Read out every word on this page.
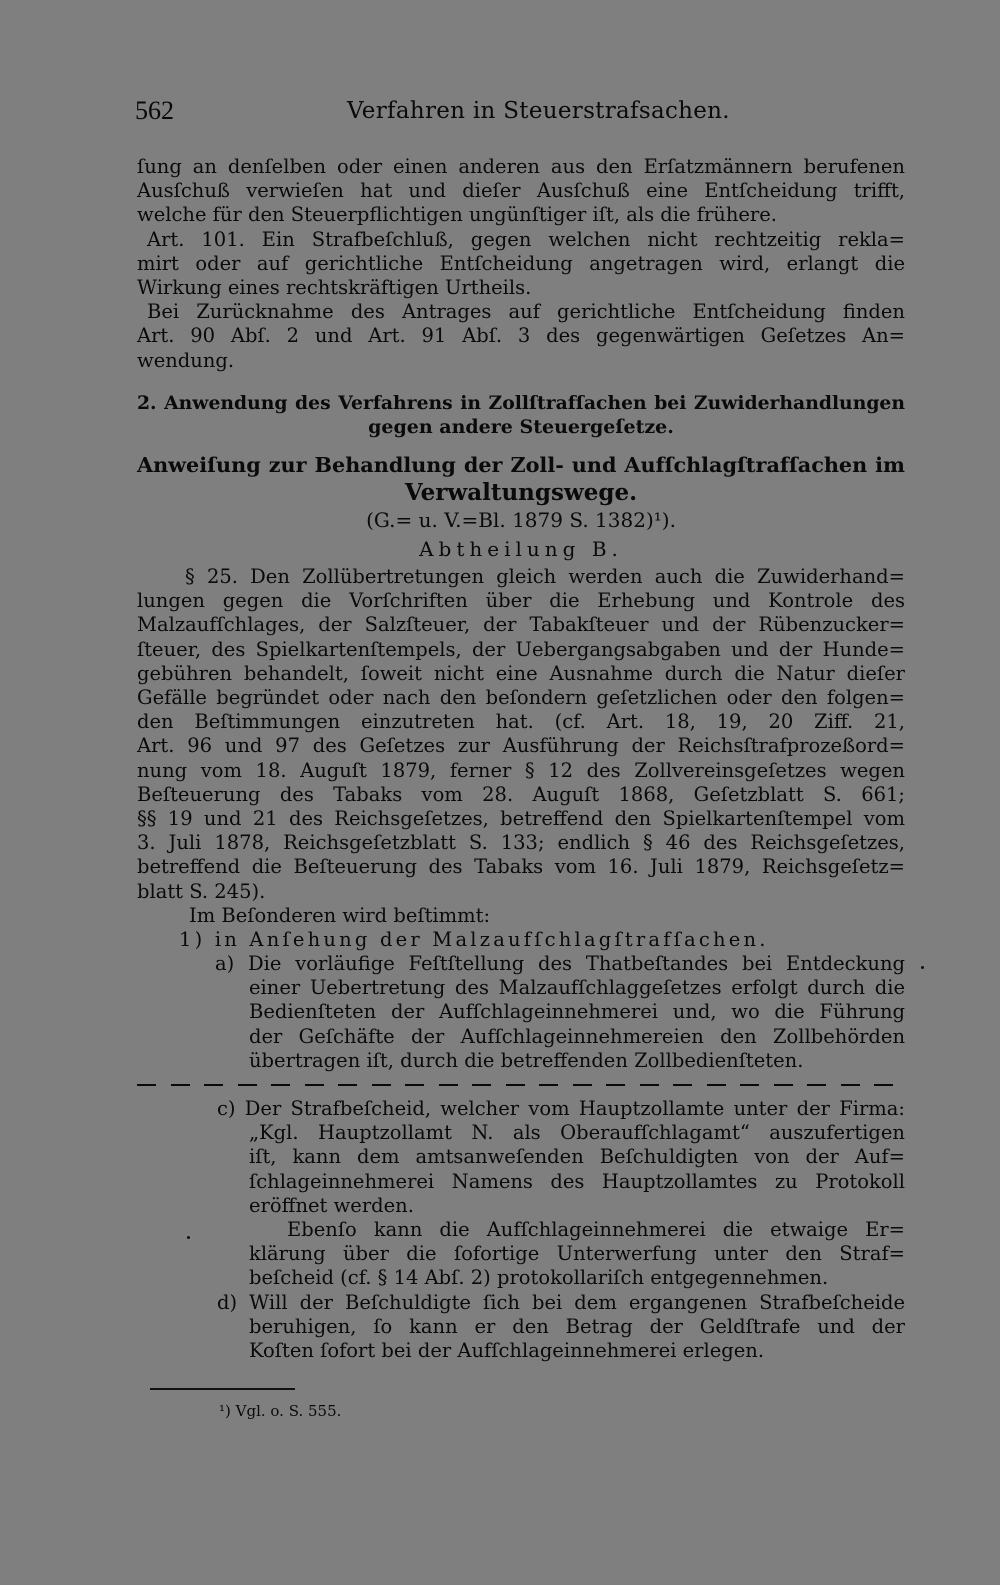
562	Verfahren in Steuerstrafsachen.
ſung an denſelben oder einen anderen aus den Erſatzmännern berufenen
Ausſchuß verwieſen hat und dieſer Ausſchuß eine Entſcheidung trifft,
welche für den Steuerpflichtigen ungünſtiger iſt, als die frühere.
Art. 101. Ein Strafbeſchluß, gegen welchen nicht rechtzeitig rekla=
mirt oder auf gerichtliche Entſcheidung angetragen wird, erlangt die
Wirkung eines rechtskräftigen Urtheils.
Bei Zurücknahme des Antrages auf gerichtliche Entſcheidung finden
Art. 90 Abſ. 2 und Art. 91 Abſ. 3 des gegenwärtigen Geſetzes An=
wendung.
2. Anwendung des Verfahrens in Zollſtrafſachen bei Zuwiderhandlungen
gegen andere Steuergeſetze.
Anweiſung zur Behandlung der Zoll- und Aufſchlagſtrafſachen im
Verwaltungswege.
(G.= u. V.=Bl. 1879 S. 1382)¹).
Abtheilung B.
§ 25. Den Zollübertretungen gleich werden auch die Zuwiderhand=
lungen gegen die Vorſchriften über die Erhebung und Kontrole des
Malzaufſchlages, der Salzſteuer, der Tabakſteuer und der Rübenzucker=
ſteuer, des Spielkartenſtempels, der Uebergangsabgaben und der Hunde=
gebühren behandelt, ſoweit nicht eine Ausnahme durch die Natur dieſer
Gefälle begründet oder nach den beſondern geſetzlichen oder den folgen=
den Beſtimmungen einzutreten hat. (cf. Art. 18, 19, 20 Ziff. 21,
Art. 96 und 97 des Geſetzes zur Ausführung der Reichsſtrafprozeßord=
nung vom 18. Auguſt 1879, ferner § 12 des Zollvereinsgeſetzes wegen
Beſteuerung des Tabaks vom 28. Auguſt 1868, Geſetzblatt S. 661;
§§ 19 und 21 des Reichsgeſetzes, betreffend den Spielkartenſtempel vom
3. Juli 1878, Reichsgeſetzblatt S. 133; endlich § 46 des Reichsgeſetzes,
betreffend die Beſteuerung des Tabaks vom 16. Juli 1879, Reichsgeſetz=
blatt S. 245).
Im Beſonderen wird beſtimmt:
1) in Anſehung der Malzaufſchlagſtrafſachen.
a) Die vorläufige Feſtſtellung des Thatbeſtandes bei Entdeckung
einer Uebertretung des Malzaufſchlaggeſetzes erfolgt durch die
Bedienſteten der Aufſchlageinnehmerei und, wo die Führung
der Geſchäfte der Aufſchlageinnehmereien den Zollbehörden
übertragen iſt, durch die betreffenden Zollbedienſteten.
c) Der Strafbeſcheid, welcher vom Hauptzollamte unter der Firma:
„Kgl. Hauptzollamt N. als Oberaufſchlagamt“ auszufertigen
iſt, kann dem amtsanweſenden Beſchuldigten von der Auf=
ſchlageinnehmerei Namens des Hauptzollamtes zu Protokoll
eröffnet werden.
Ebenſo kann die Aufſchlageinnehmerei die etwaige Er=
klärung über die ſofortige Unterwerfung unter den Straf=
beſcheid (cf. § 14 Abſ. 2) protokollariſch entgegennehmen.
d) Will der Beſchuldigte ſich bei dem ergangenen Strafbeſcheide
beruhigen, ſo kann er den Betrag der Geldſtrafe und der
Koſten ſofort bei der Aufſchlageinnehmerei erlegen.
¹) Vgl. o. S. 555.
